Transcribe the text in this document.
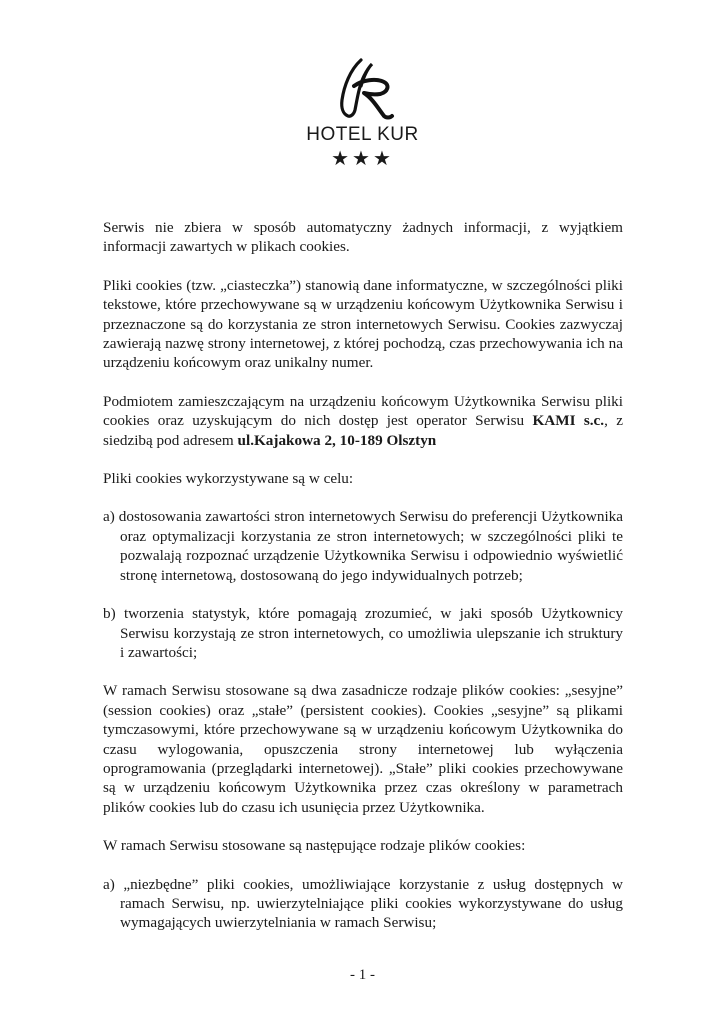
HOTEL KUR
★★★

Serwis nie zbiera w sposób automatyczny żadnych informacji, z wyjątkiem informacji zawartych w plikach cookies.

Pliki cookies (tzw. „ciasteczka”) stanowią dane informatyczne, w szczególności pliki tekstowe, które przechowywane są w urządzeniu końcowym Użytkownika Serwisu i przeznaczone są do korzystania ze stron internetowych Serwisu. Cookies zazwyczaj zawierają nazwę strony internetowej, z której pochodzą, czas przechowywania ich na urządzeniu końcowym oraz unikalny numer.

Podmiotem zamieszczającym na urządzeniu końcowym Użytkownika Serwisu pliki cookies oraz uzyskującym do nich dostęp jest operator Serwisu KAMI s.c., z siedzibą pod adresem ul.Kajakowa 2, 10-189 Olsztyn

Pliki cookies wykorzystywane są w celu:

a) dostosowania zawartości stron internetowych Serwisu do preferencji Użytkownika oraz optymalizacji korzystania ze stron internetowych; w szczególności pliki te pozwalają rozpoznać urządzenie Użytkownika Serwisu i odpowiednio wyświetlić stronę internetową, dostosowaną do jego indywidualnych potrzeb;
b) tworzenia statystyk, które pomagają zrozumieć, w jaki sposób Użytkownicy Serwisu korzystają ze stron internetowych, co umożliwia ulepszanie ich struktury i zawartości;

W ramach Serwisu stosowane są dwa zasadnicze rodzaje plików cookies: „sesyjne” (session cookies) oraz „stałe” (persistent cookies). Cookies „sesyjne” są plikami tymczasowymi, które przechowywane są w urządzeniu końcowym Użytkownika do czasu wylogowania, opuszczenia strony internetowej lub wyłączenia oprogramowania (przeglądarki internetowej). „Stałe” pliki cookies przechowywane są w urządzeniu końcowym Użytkownika przez czas określony w parametrach plików cookies lub do czasu ich usunięcia przez Użytkownika.

W ramach Serwisu stosowane są następujące rodzaje plików cookies:

a) „niezbędne” pliki cookies, umożliwiające korzystanie z usług dostępnych w ramach Serwisu, np. uwierzytelniające pliki cookies wykorzystywane do usług wymagających uwierzytelniania w ramach Serwisu;
- 1 -
